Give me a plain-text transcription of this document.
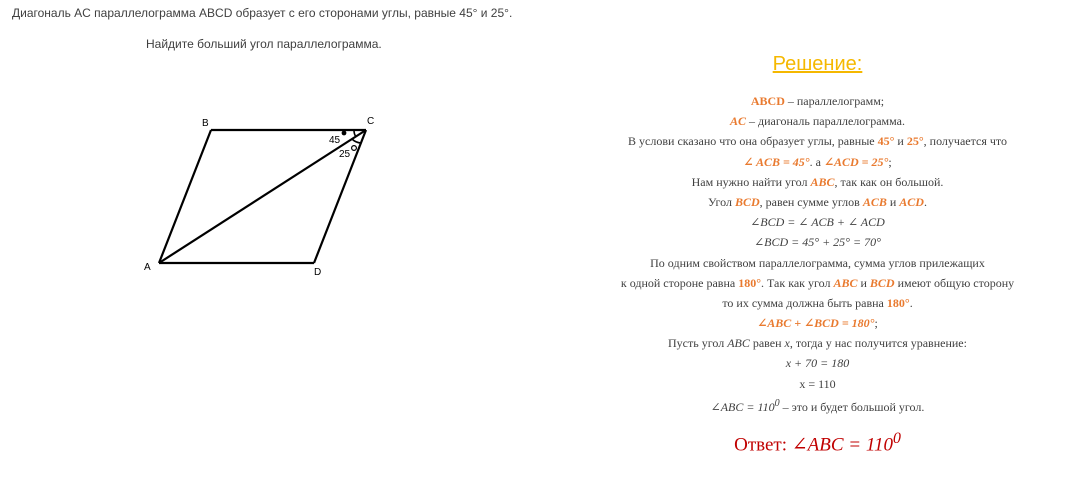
Диагональ AC параллелограмма ABCD образует с его сторонами углы, равные 45° и 25°.
Найдите больший угол параллелограмма.
B	C
A	D
45
25
Решение:
ABCD – параллелограмм;
AC – диагональ параллелограмма.
В услови сказано что она образует углы, равные 45° и 25°, получается что
∠ ACB = 45°. а ∠ACD = 25°;
Нам нужно найти угол ABC, так как он большой.
Угол BCD, равен сумме углов ACB и ACD.
∠BCD = ∠ ACB + ∠ ACD
∠BCD = 45° + 25° = 70°
По одним свойством параллелограмма, сумма углов прилежащих
к одной стороне равна 180°. Так как угол ABC и BCD имеют общую сторону
то их сумма должна быть равна 180°.
∠ABC + ∠BCD = 180°;
Пусть угол ABC равен x, тогда у нас получится уравнение:
x + 70 = 180
x = 110
∠ABC = $110^0$ – это и будет большой угол.
Ответ: ∠ABC = $110^0$
